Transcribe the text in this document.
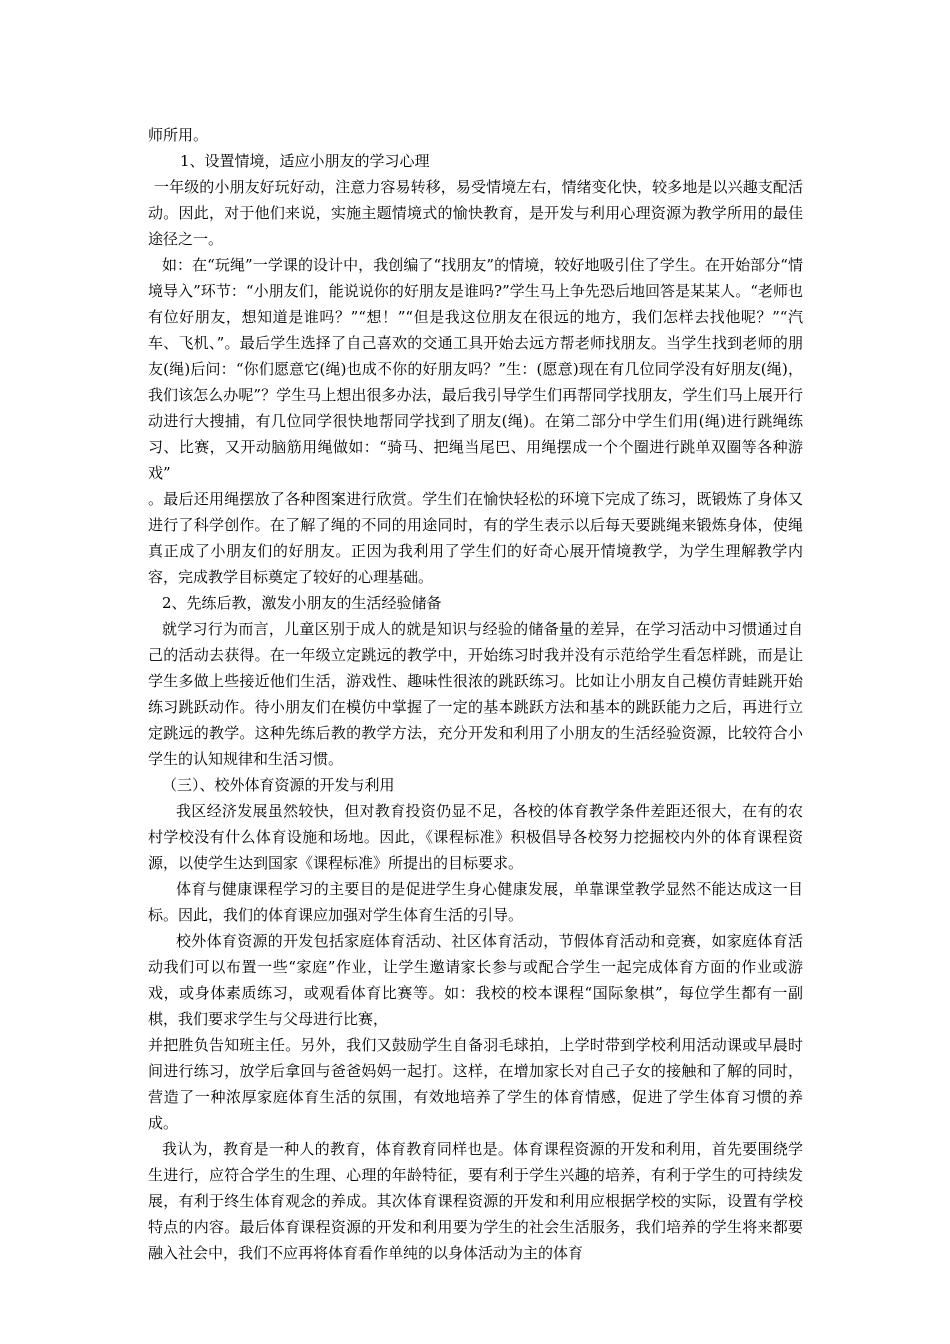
师所用。

1、设置情境，适应小朋友的学习心理

一年级的小朋友好玩好动，注意力容易转移，易受情境左右，情绪变化快，较多地是以兴趣支配活动。因此，对于他们来说，实施主题情境式的愉快教育，是开发与利用心理资源为教学所用的最佳途径之一。

如：在“玩绳”一学课的设计中，我创编了“找朋友”的情境，较好地吸引住了学生。在开始部分“情境导入”环节：“小朋友们，能说说你的好朋友是谁吗?”学生马上争先恐后地回答是某某人。“老师也有位好朋友，想知道是谁吗？”“想！”“但是我这位朋友在很远的地方，我们怎样去找他呢？”“汽车、飞机、”。最后学生选择了自己喜欢的交通工具开始去远方帮老师找朋友。当学生找到老师的朋友(绳)后问：“你们愿意它(绳)也成不你的好朋友吗？”生：(愿意)现在有几位同学没有好朋友(绳)，我们该怎么办呢”？学生马上想出很多办法，最后我引导学生们再帮同学找朋友，学生们马上展开行动进行大搜捕，有几位同学很快地帮同学找到了朋友(绳)。在第二部分中学生们用(绳)进行跳绳练习、比赛，又开动脑筋用绳做如：“骑马、把绳当尾巴、用绳摆成一个个圈进行跳单双圈等各种游戏”

。最后还用绳摆放了各种图案进行欣赏。学生们在愉快轻松的环境下完成了练习，既锻炼了身体又进行了科学创作。在了解了绳的不同的用途同时，有的学生表示以后每天要跳绳来锻炼身体，使绳真正成了小朋友们的好朋友。正因为我利用了学生们的好奇心展开情境教学，为学生理解教学内容，完成教学目标奠定了较好的心理基础。

2、先练后教，激发小朋友的生活经验储备

就学习行为而言，儿童区别于成人的就是知识与经验的储备量的差异，在学习活动中习惯通过自己的活动去获得。在一年级立定跳远的教学中，开始练习时我并没有示范给学生看怎样跳，而是让学生多做上些接近他们生活，游戏性、趣味性很浓的跳跃练习。比如让小朋友自己模仿青蛙跳开始练习跳跃动作。待小朋友们在模仿中掌握了一定的基本跳跃方法和基本的跳跃能力之后，再进行立定跳远的教学。这种先练后教的教学方法，充分开发和利用了小朋友的生活经验资源，比较符合小学生的认知规律和生活习惯。

（三）、校外体育资源的开发与利用

我区经济发展虽然较快，但对教育投资仍显不足，各校的体育教学条件差距还很大，在有的农村学校没有什么体育设施和场地。因此，《课程标准》积极倡导各校努力挖掘校内外的体育课程资源，以使学生达到国家《课程标准》所提出的目标要求。

体育与健康课程学习的主要目的是促进学生身心健康发展，单靠课堂教学显然不能达成这一目标。因此，我们的体育课应加强对学生体育生活的引导。

校外体育资源的开发包括家庭体育活动、社区体育活动，节假体育活动和竞赛，如家庭体育活动我们可以布置一些“家庭”作业，让学生邀请家长参与或配合学生一起完成体育方面的作业或游戏，或身体素质练习，或观看体育比赛等。如：我校的校本课程“国际象棋”，每位学生都有一副棋，我们要求学生与父母进行比赛，

并把胜负告知班主任。另外，我们又鼓励学生自备羽毛球拍，上学时带到学校利用活动课或早晨时间进行练习，放学后拿回与爸爸妈妈一起打。这样，在增加家长对自己子女的接触和了解的同时，营造了一种浓厚家庭体育生活的氛围，有效地培养了学生的体育情感，促进了学生体育习惯的养成。

我认为，教育是一种人的教育，体育教育同样也是。体育课程资源的开发和利用，首先要围绕学生进行，应符合学生的生理、心理的年龄特征，要有利于学生兴趣的培养，有利于学生的可持续发展，有利于终生体育观念的养成。其次体育课程资源的开发和利用应根据学校的实际，设置有学校特点的内容。最后体育课程资源的开发和利用要为学生的社会生活服务，我们培养的学生将来都要融入社会中，我们不应再将体育看作单纯的以身体活动为主的体育
